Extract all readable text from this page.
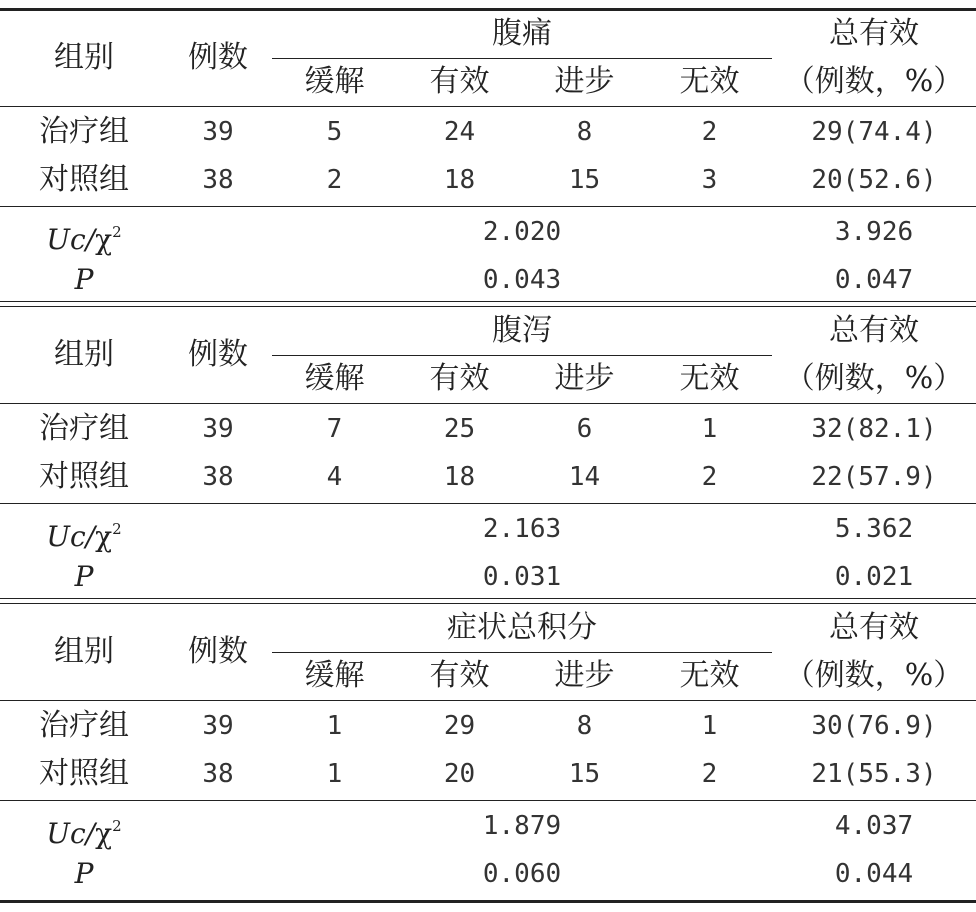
组别	例数
腹痛	总有效
（例数，%）
缓解	有效	进步	无效
治疗组	39	5	24	8	2	29(74.4)
对照组	38	2	18	15	3	20(52.6)
$Uc/\chi^2$	2.020	3.926
P	0.043	0.047
组别	例数
腹泻	总有效
（例数，%）
缓解	有效	进步	无效
治疗组	39	7	25	6	1	32(82.1)
对照组	38	4	18	14	2	22(57.9)
$Uc/\chi^2$	2.163	5.362
P	0.031	0.021
组别	例数
症状总积分	总有效
（例数，%）
缓解	有效	进步	无效
治疗组	39	1	29	8	1	30(76.9)
对照组	38	1	20	15	2	21(55.3)
$Uc/\chi^2$	1.879	4.037
P	0.060	0.044
